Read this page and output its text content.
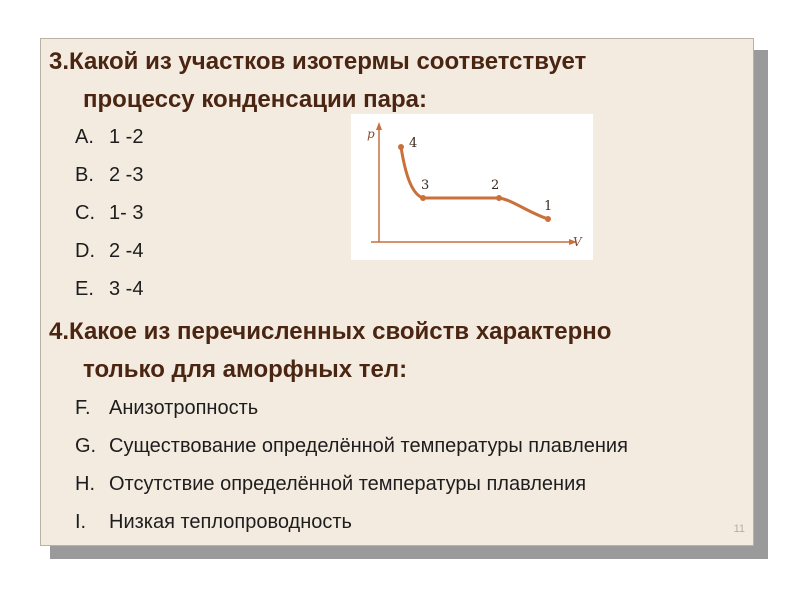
3.Какой из участков изотермы соответствует
процессу конденсации пара:
A. 1 -2
B. 2 -3
C. 1- 3
D. 2 -4
E. 3 -4
p
V
4
3	2
1
4.Какое из перечисленных свойств характерно
только для аморфных тел:
F. Анизотропность
G. Существование определённой температуры плавления
H. Отсутствие определённой температуры плавления
I. Низкая теплопроводность	11
